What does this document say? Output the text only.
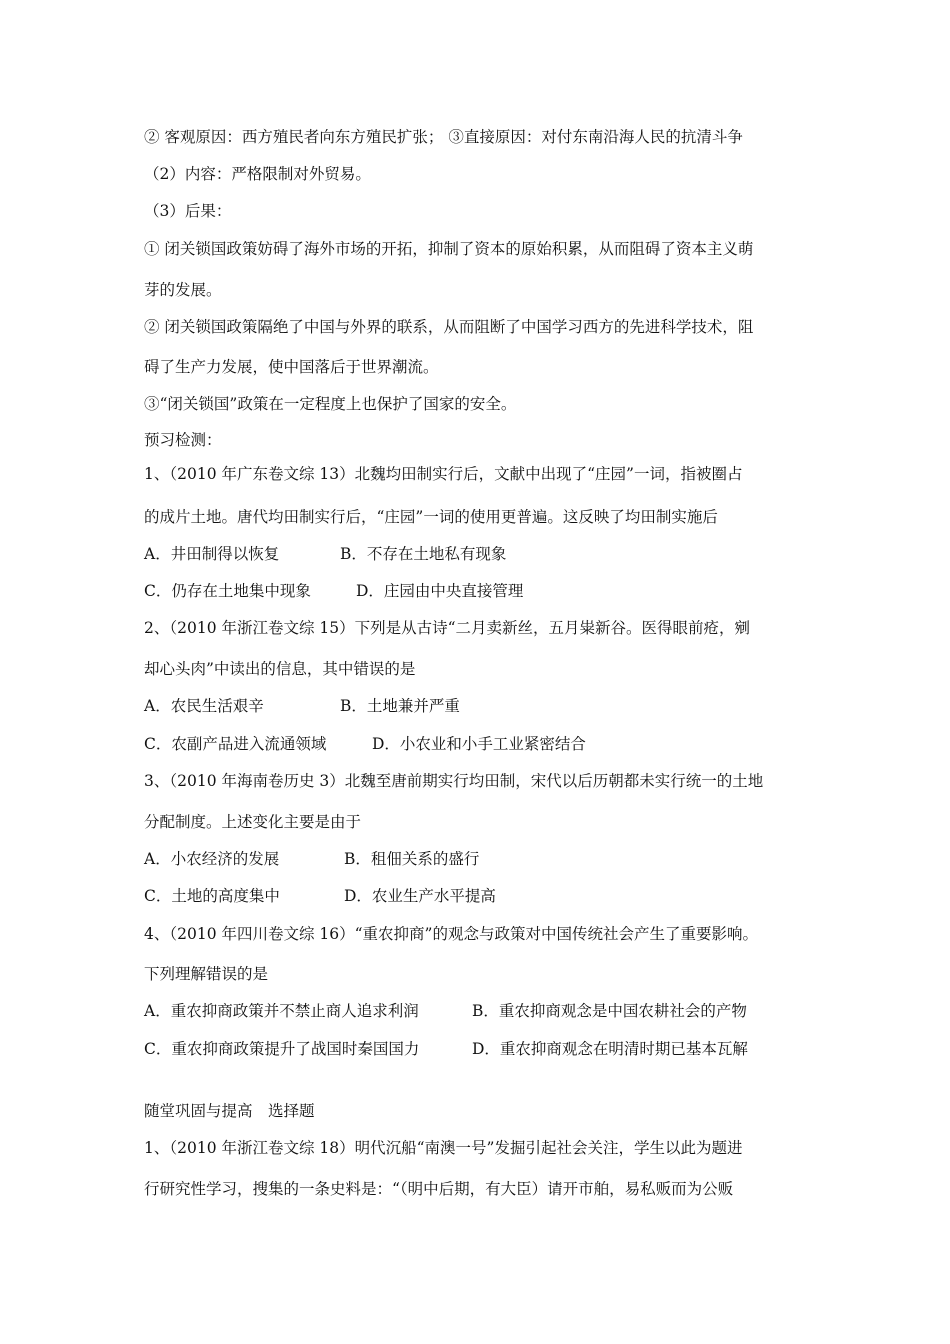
② 客观原因：西方殖民者向东方殖民扩张； ③直接原因：对付东南沿海人民的抗清斗争
（2）内容：严格限制对外贸易。
（3）后果：
① 闭关锁国政策妨碍了海外市场的开拓，抑制了资本的原始积累，从而阻碍了资本主义萌
芽的发展。
② 闭关锁国政策隔绝了中国与外界的联系，从而阻断了中国学习西方的先进科学技术，阻
碍了生产力发展，使中国落后于世界潮流。
③“闭关锁国”政策在一定程度上也保护了国家的安全。
预习检测：
1、（2010 年广东卷文综 13）北魏均田制实行后，文献中出现了“庄园”一词，指被圈占
的成片土地。唐代均田制实行后，“庄园”一词的使用更普遍。这反映了均田制实施后
A．井田制得以恢复	B．不存在土地私有现象
C．仍存在土地集中现象	D．庄园由中央直接管理
2、（2010 年浙江卷文综 15）下列是从古诗“二月卖新丝，五月粜新谷。医得眼前疮，剜
却心头肉”中读出的信息，其中错误的是
A．农民生活艰辛	B．土地兼并严重
C．农副产品进入流通领域	D．小农业和小手工业紧密结合
3、（2010 年海南卷历史 3）北魏至唐前期实行均田制，宋代以后历朝都未实行统一的土地
分配制度。上述变化主要是由于
A．小农经济的发展	B．租佃关系的盛行
C．土地的高度集中	D．农业生产水平提高
4、（2010 年四川卷文综 16）“重农抑商”的观念与政策对中国传统社会产生了重要影响。
下列理解错误的是
A．重农抑商政策并不禁止商人追求利润	B．重农抑商观念是中国农耕社会的产物
C．重农抑商政策提升了战国时秦国国力	D．重农抑商观念在明清时期已基本瓦解
随堂巩固与提高　选择题
1、（2010 年浙江卷文综 18）明代沉船“南澳一号”发掘引起社会关注，学生以此为题进
行研究性学习，搜集的一条史料是：“（明中后期，有大臣）请开市舶，易私贩而为公贩
